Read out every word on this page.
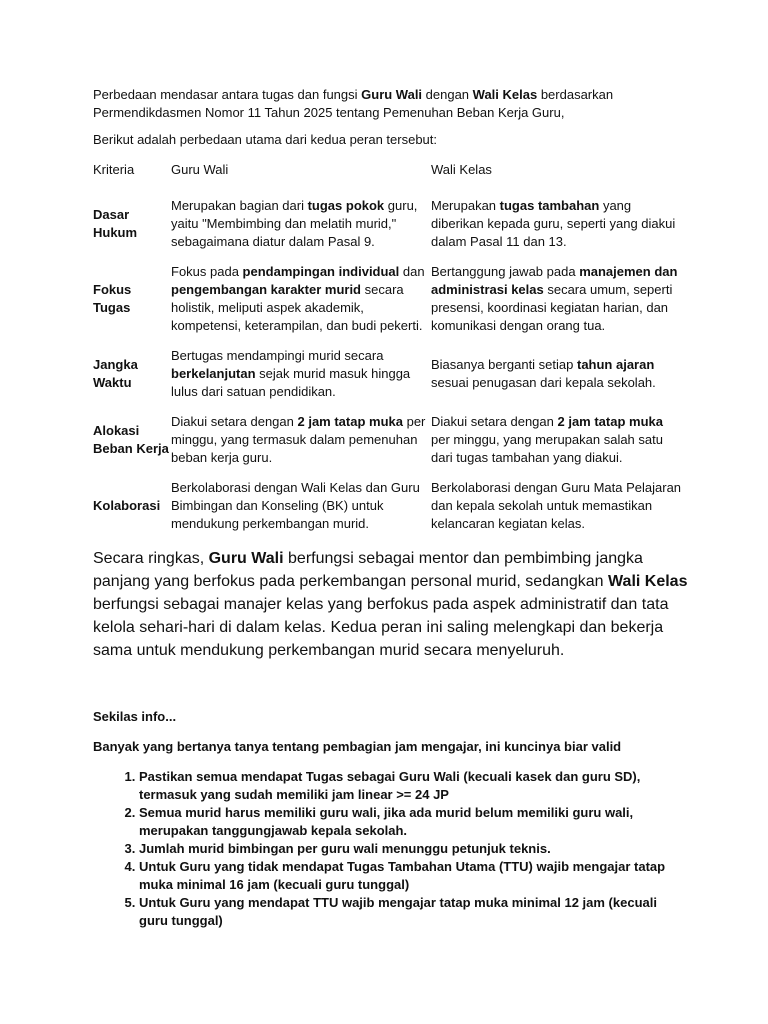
Perbedaan mendasar antara tugas dan fungsi Guru Wali dengan Wali Kelas berdasarkan Permendikdasmen Nomor 11 Tahun 2025 tentang Pemenuhan Beban Kerja Guru,

Berikut adalah perbedaan utama dari kedua peran tersebut:

Kriteria	Guru Wali	Wali Kelas
Dasar Hukum	Merupakan bagian dari tugas pokok guru, yaitu "Membimbing dan melatih murid," sebagaimana diatur dalam Pasal 9.	Merupakan tugas tambahan yang diberikan kepada guru, seperti yang diakui dalam Pasal 11 dan 13.
Fokus Tugas	Fokus pada pendampingan individual dan pengembangan karakter murid secara holistik, meliputi aspek akademik, kompetensi, keterampilan, dan budi pekerti.	Bertanggung jawab pada manajemen dan administrasi kelas secara umum, seperti presensi, koordinasi kegiatan harian, dan komunikasi dengan orang tua.
Jangka Waktu	Bertugas mendampingi murid secara berkelanjutan sejak murid masuk hingga lulus dari satuan pendidikan.	Biasanya berganti setiap tahun ajaran sesuai penugasan dari kepala sekolah.
Alokasi Beban Kerja	Diakui setara dengan 2 jam tatap muka per minggu, yang termasuk dalam pemenuhan beban kerja guru.	Diakui setara dengan 2 jam tatap muka per minggu, yang merupakan salah satu dari tugas tambahan yang diakui.
Kolaborasi	Berkolaborasi dengan Wali Kelas dan Guru Bimbingan dan Konseling (BK) untuk mendukung perkembangan murid.	Berkolaborasi dengan Guru Mata Pelajaran dan kepala sekolah untuk memastikan kelancaran kegiatan kelas.

Secara ringkas, Guru Wali berfungsi sebagai mentor dan pembimbing jangka panjang yang berfokus pada perkembangan personal murid, sedangkan Wali Kelas berfungsi sebagai manajer kelas yang berfokus pada aspek administratif dan tata kelola sehari-hari di dalam kelas. Kedua peran ini saling melengkapi dan bekerja sama untuk mendukung perkembangan murid secara menyeluruh.

Sekilas info...

Banyak yang bertanya tanya tentang pembagian jam mengajar, ini kuncinya biar valid

1. Pastikan semua mendapat Tugas sebagai Guru Wali (kecuali kasek dan guru SD), termasuk yang sudah memiliki jam linear >= 24 JP
2. Semua murid harus memiliki guru wali, jika ada murid belum memiliki guru wali, merupakan tanggungjawab kepala sekolah.
3. Jumlah murid bimbingan per guru wali menunggu petunjuk teknis.
4. Untuk Guru yang tidak mendapat Tugas Tambahan Utama (TTU) wajib mengajar tatap muka minimal 16 jam (kecuali guru tunggal)
5. Untuk Guru yang mendapat TTU wajib mengajar tatap muka minimal 12 jam (kecuali guru tunggal)
